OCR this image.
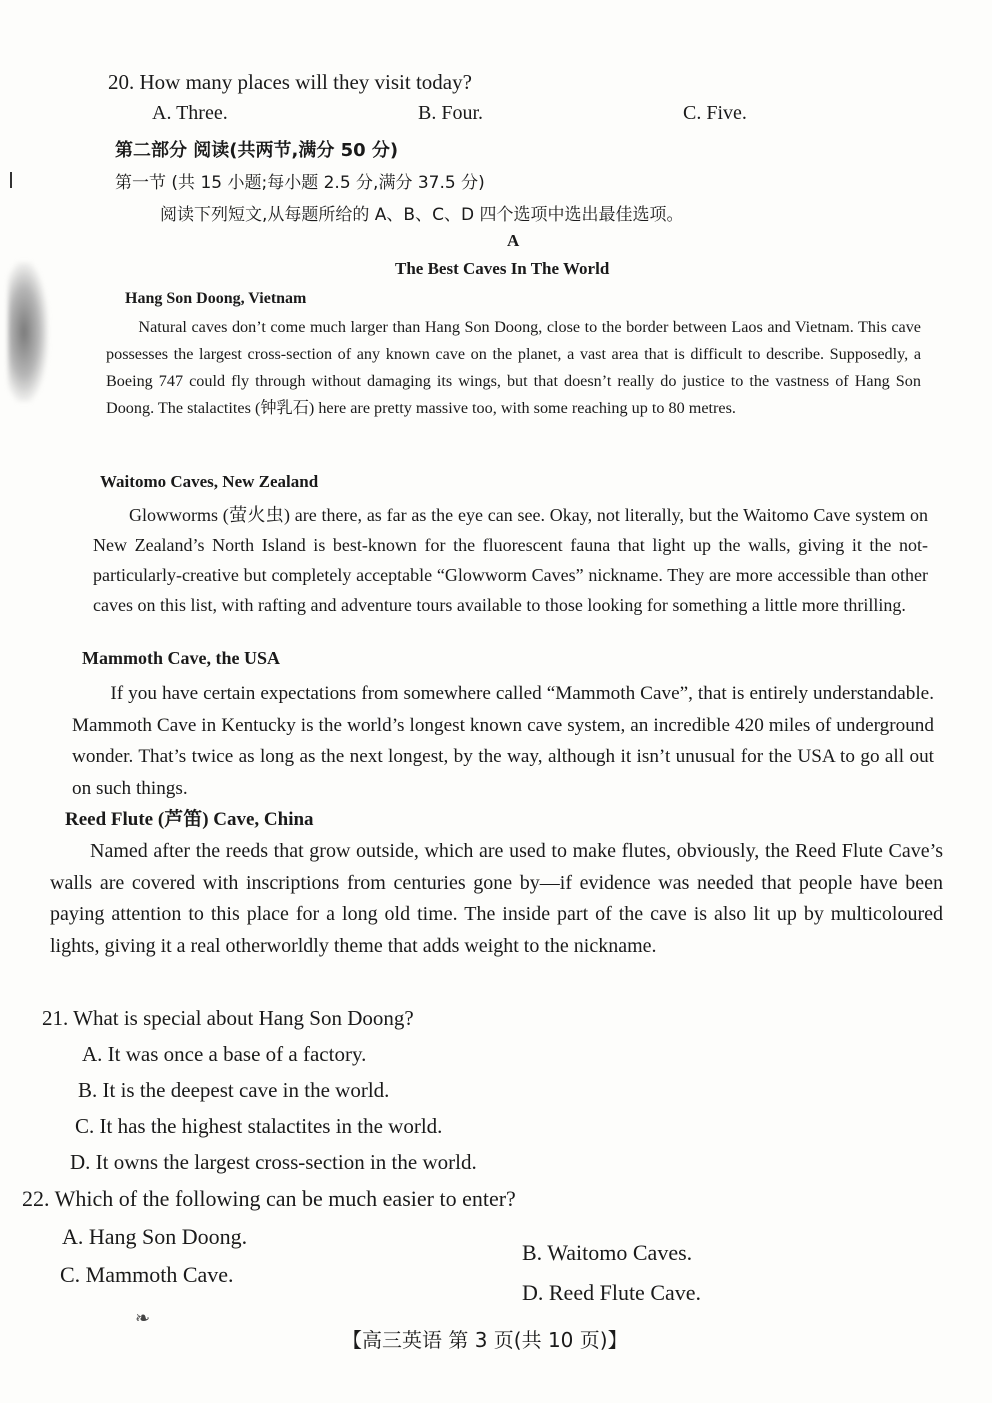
20. How many places will they visit today?
A. Three.	B. Four.	C. Five.
第二部分 阅读(共两节,满分 50 分)
第一节 (共 15 小题;每小题 2.5 分,满分 37.5 分)
阅读下列短文,从每题所给的 A、B、C、D 四个选项中选出最佳选项。
A
The Best Caves In The World
Hang Son Doong, Vietnam
Natural caves don’t come much larger than Hang Son Doong, close to the border between Laos and Vietnam. This cave possesses the largest cross-section of any known cave on the planet, a vast area that is difficult to describe. Supposedly, a Boeing 747 could fly through without damaging its wings, but that doesn’t really do justice to the vastness of Hang Son Doong. The stalactites (钟乳石) here are pretty massive too, with some reaching up to 80 metres.
Waitomo Caves, New Zealand
Glowworms (萤火虫) are there, as far as the eye can see. Okay, not literally, but the Waitomo Cave system on New Zealand’s North Island is best-known for the fluorescent fauna that light up the walls, giving it the not-particularly-creative but completely acceptable “Glowworm Caves” nickname. They are more accessible than other caves on this list, with rafting and adventure tours available to those looking for something a little more thrilling.
Mammoth Cave, the USA
If you have certain expectations from somewhere called “Mammoth Cave”, that is entirely understandable. Mammoth Cave in Kentucky is the world’s longest known cave system, an incredible 420 miles of underground wonder. That’s twice as long as the next longest, by the way, although it isn’t unusual for the USA to go all out on such things.
Reed Flute (芦笛) Cave, China
Named after the reeds that grow outside, which are used to make flutes, obviously, the Reed Flute Cave’s walls are covered with inscriptions from centuries gone by—if evidence was needed that people have been paying attention to this place for a long old time. The inside part of the cave is also lit up by multicoloured lights, giving it a real otherworldly theme that adds weight to the nickname.
21. What is special about Hang Son Doong?
A. It was once a base of a factory.
B. It is the deepest cave in the world.
C. It has the highest stalactites in the world.
D. It owns the largest cross-section in the world.
22. Which of the following can be much easier to enter?
A. Hang Son Doong.
B. Waitomo Caves.
C. Mammoth Cave.
D. Reed Flute Cave.
❧
【高三英语 第 3 页(共 10 页)】
